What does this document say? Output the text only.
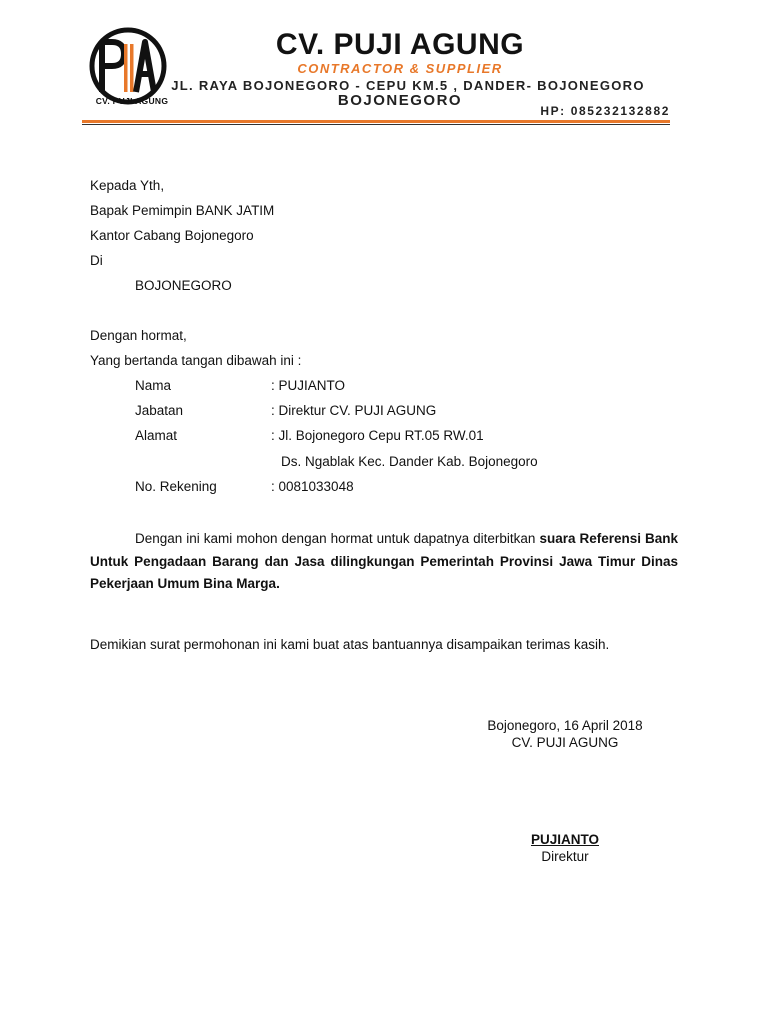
CV. PUJI AGUNG
CV. PUJI AGUNG
CONTRACTOR & SUPPLIER
JL. RAYA BOJONEGORO - CEPU KM.5 , DANDER- BOJONEGORO
BOJONEGORO
HP: 085232132882
Kepada Yth,
Bapak Pemimpin BANK JATIM
Kantor Cabang Bojonegoro
Di
BOJONEGORO
Dengan hormat,
Yang bertanda tangan dibawah ini :
Nama	: PUJIANTO
Jabatan	: Direktur CV. PUJI AGUNG
Alamat	: Jl. Bojonegoro Cepu RT.05 RW.01
Ds. Ngablak Kec. Dander Kab. Bojonegoro
No. Rekening	: 0081033048
Dengan ini kami mohon dengan hormat untuk dapatnya diterbitkan suara Referensi Bank Untuk Pengadaan Barang dan Jasa dilingkungan Pemerintah Provinsi Jawa Timur Dinas Pekerjaan Umum Bina Marga.
Demikian surat permohonan ini kami buat atas bantuannya disampaikan terimas kasih.
Bojonegoro, 16 April 2018
CV. PUJI AGUNG
PUJIANTO
Direktur
